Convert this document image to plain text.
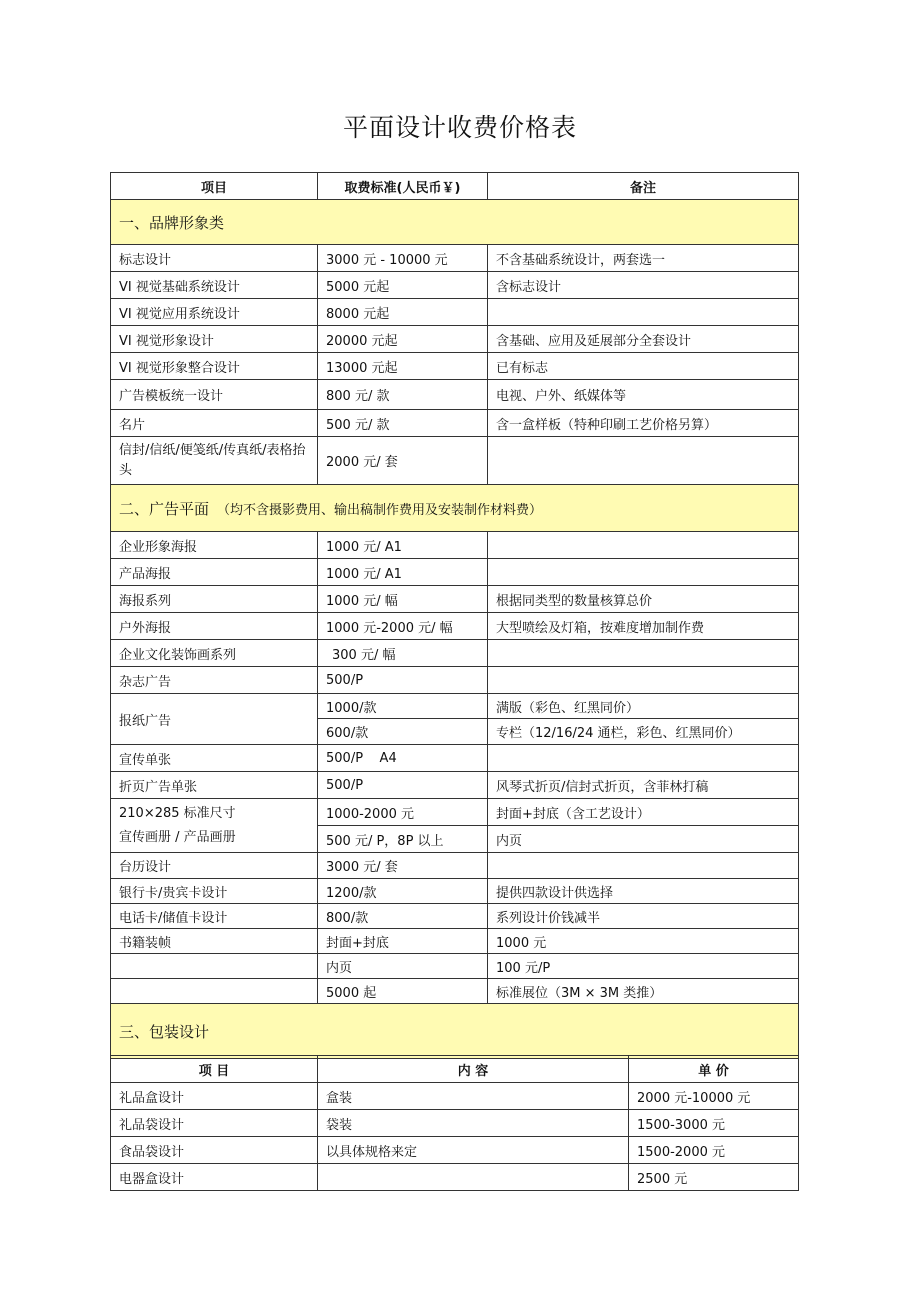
平面设计收费价格表
项目	取费标准(人民币￥)	备注
一、品牌形象类		
标志设计	3000 元 - 10000 元	不含基础系统设计，两套选一
VI 视觉基础系统设计	5000 元起	含标志设计
VI 视觉应用系统设计	8000 元起	
VI 视觉形象设计	20000 元起	含基础、应用及延展部分全套设计
VI 视觉形象整合设计	13000 元起	已有标志
广告模板统一设计	800 元/ 款	电视、户外、纸媒体等
名片	500 元/ 款	含一盒样板（特种印刷工艺价格另算）
信封/信纸/便笺纸/传真纸/表格抬头	2000 元/ 套	
二、广告平面 （均不含摄影费用、输出稿制作费用及安装制作材料费）		
企业形象海报	1000 元/ A1	
产品海报	1000 元/ A1	
海报系列	1000 元/ 幅	根据同类型的数量核算总价
户外海报	1000 元-2000 元/ 幅	大型喷绘及灯箱，按难度增加制作费
企业文化装饰画系列	300 元/ 幅	
杂志广告	500/P	
报纸广告	1000/款	满版（彩色、红黑同价）
	600/款	专栏（12/16/24 通栏，彩色、红黑同价）
宣传单张	500/P    A4	
折页广告单张	500/P	风琴式折页/信封式折页，含菲林打稿

210×285 标准尺寸
宣传画册 / 产品画册	1000-2000 元	封面+封底（含工艺设计）
	500 元/ P，8P 以上	内页
台历设计	3000 元/ 套	
银行卡/贵宾卡设计	1200/款	提供四款设计供选择
电话卡/储值卡设计	800/款	系列设计价钱减半
书籍装帧	封面+封底	1000 元
	内页	100 元/P
	5000 起	标准展位（3M × 3M 类推）
三、包装设计		
项 目	内 容	单 价
礼品盒设计	盒装	2000 元-10000 元
礼品袋设计	袋装	1500-3000 元
食品袋设计	以具体规格来定	1500-2000 元
电器盒设计		2500 元
